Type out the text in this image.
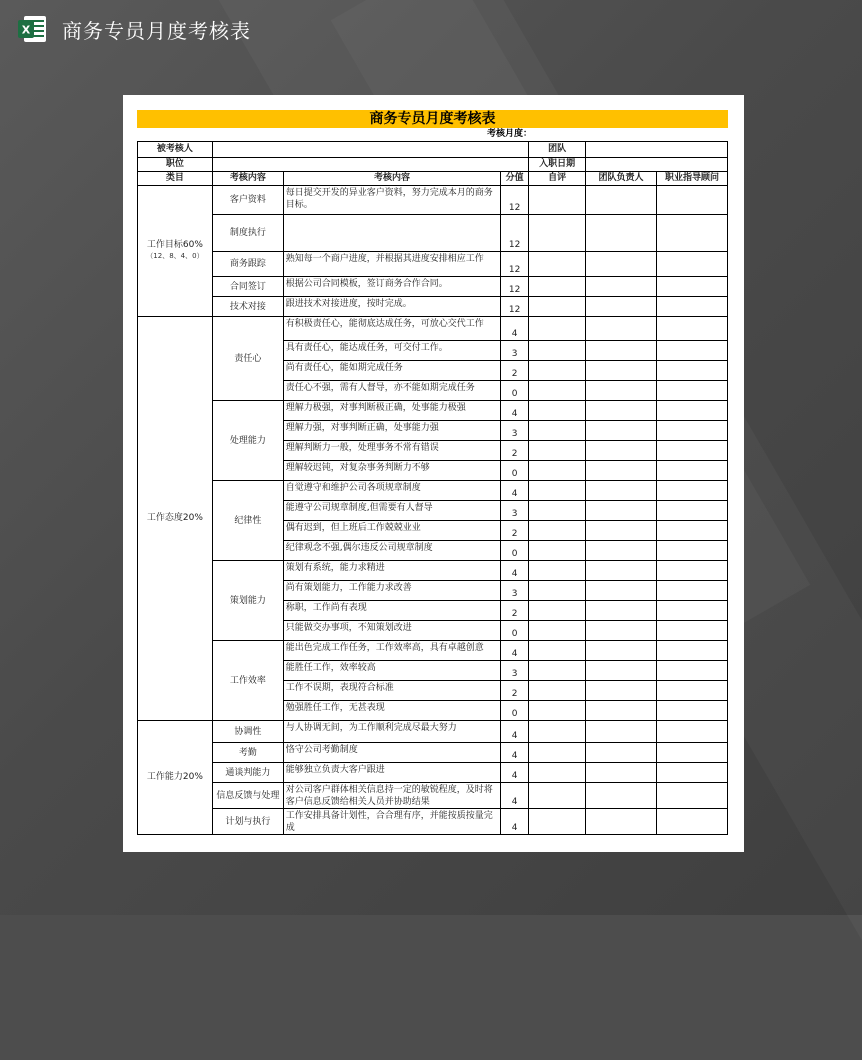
X 商务专员月度考核表
商务专员月度考核表
考核月度：
被考核人				团队		
职位				入职日期		
类目	考核内容	考核内容	分值	自评	团队负责人	职业指导顾问

工作目标60%
（12、8、4、0）	客户资料	每日提交开发的异业客户资料，努力完成本月的商务目标。	12			
	制度执行		12			
	商务跟踪	熟知每一个商户进度，并根据其进度安排相应工作	12			
	合同签订	根据公司合同模板，签订商务合作合同。	12			
	技术对接	跟进技术对接进度，按时完成。	12			
工作态度20%	责任心	有积极责任心，能彻底达成任务，可放心交代工作	4			
		具有责任心，能达成任务，可交付工作。	3			
		尚有责任心，能如期完成任务	2			
		责任心不强，需有人督导，亦不能如期完成任务	0			
	处理能力	理解力极强，对事判断极正确，处事能力极强	4			
		理解力强，对事判断正确，处事能力强	3			
		理解判断力一般，处理事务不常有错误	2			
		理解较迟钝，对复杂事务判断力不够	0			
	纪律性	自觉遵守和维护公司各项规章制度	4			
		能遵守公司规章制度,但需要有人督导	3			
		偶有迟到，但上班后工作兢兢业业	2			
		纪律观念不强,偶尔违反公司规章制度	0			
	策划能力	策划有系统，能力求精进	4			
		尚有策划能力，工作能力求改善	3			
		称职，工作尚有表现	2			
		只能做交办事项，不知策划改进	0			
	工作效率	能出色完成工作任务，工作效率高，具有卓越创意	4			
		能胜任工作，效率较高	3			
		工作不误期，表现符合标准	2			
		勉强胜任工作，无甚表现	0			
工作能力20%	协调性	与人协调无间，为工作顺利完成尽最大努力	4			
	考勤	恪守公司考勤制度	4			
	通谈判能力	能够独立负责大客户跟进	4			
	信息反馈与处理	对公司客户群体相关信息持一定的敏锐程度，及时将客户信息反馈给相关人员并协助结果	4			
	计划与执行	工作安排具备计划性，合合理有序，并能按质按量完成	4			
